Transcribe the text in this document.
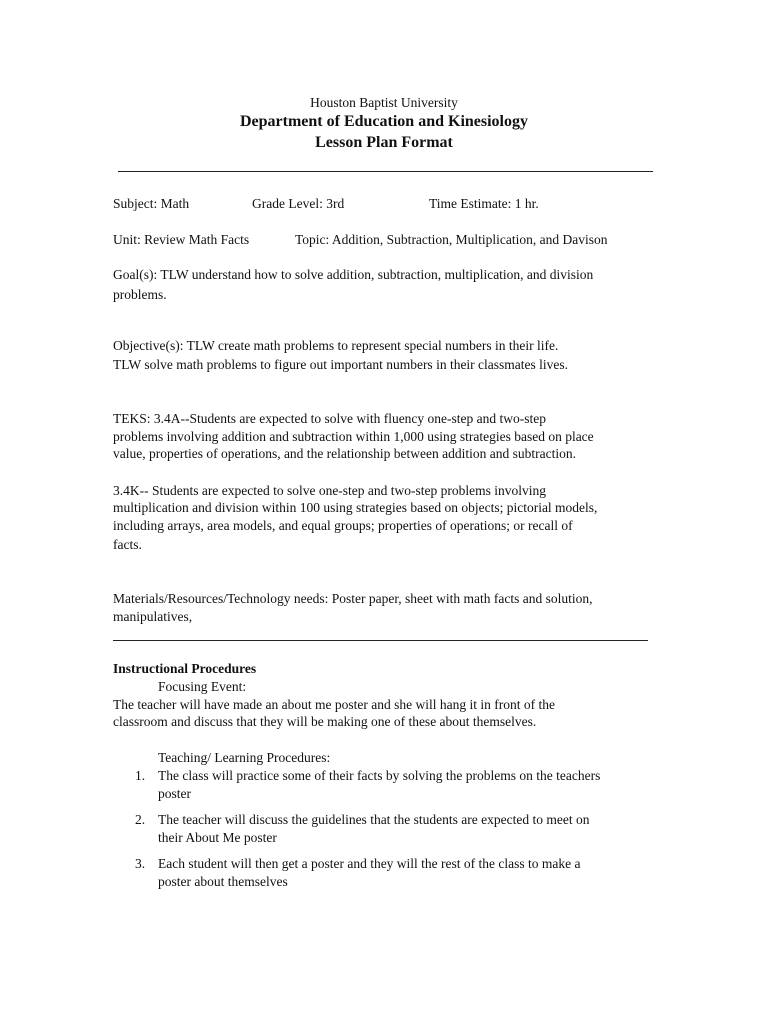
Houston Baptist University
Department of Education and Kinesiology
Lesson Plan Format
Subject: Math	Grade Level: 3rd	Time Estimate: 1 hr.
Unit: Review Math Facts	Topic: Addition, Subtraction, Multiplication, and Davison
Goal(s): TLW understand how to solve addition, subtraction, multiplication, and division
problems.
Objective(s): TLW create math problems to represent special numbers in their life.
TLW solve math problems to figure out important numbers in their classmates lives.
TEKS: 3.4A--Students are expected to solve with fluency one-step and two-step
problems involving addition and subtraction within 1,000 using strategies based on place
value, properties of operations, and the relationship between addition and subtraction.
3.4K-- Students are expected to solve one-step and two-step problems involving
multiplication and division within 100 using strategies based on objects; pictorial models,
including arrays, area models, and equal groups; properties of operations; or recall of
facts.
Materials/Resources/Technology needs: Poster paper, sheet with math facts and solution,
manipulatives,
Instructional Procedures
Focusing Event:
The teacher will have made an about me poster and she will hang it in front of the
classroom and discuss that they will be making one of these about themselves.
Teaching/ Learning Procedures:
1. The class will practice some of their facts by solving the problems on the teachers
poster
2. The teacher will discuss the guidelines that the students are expected to meet on
their About Me poster
3. Each student will then get a poster and they will the rest of the class to make a
poster about themselves
